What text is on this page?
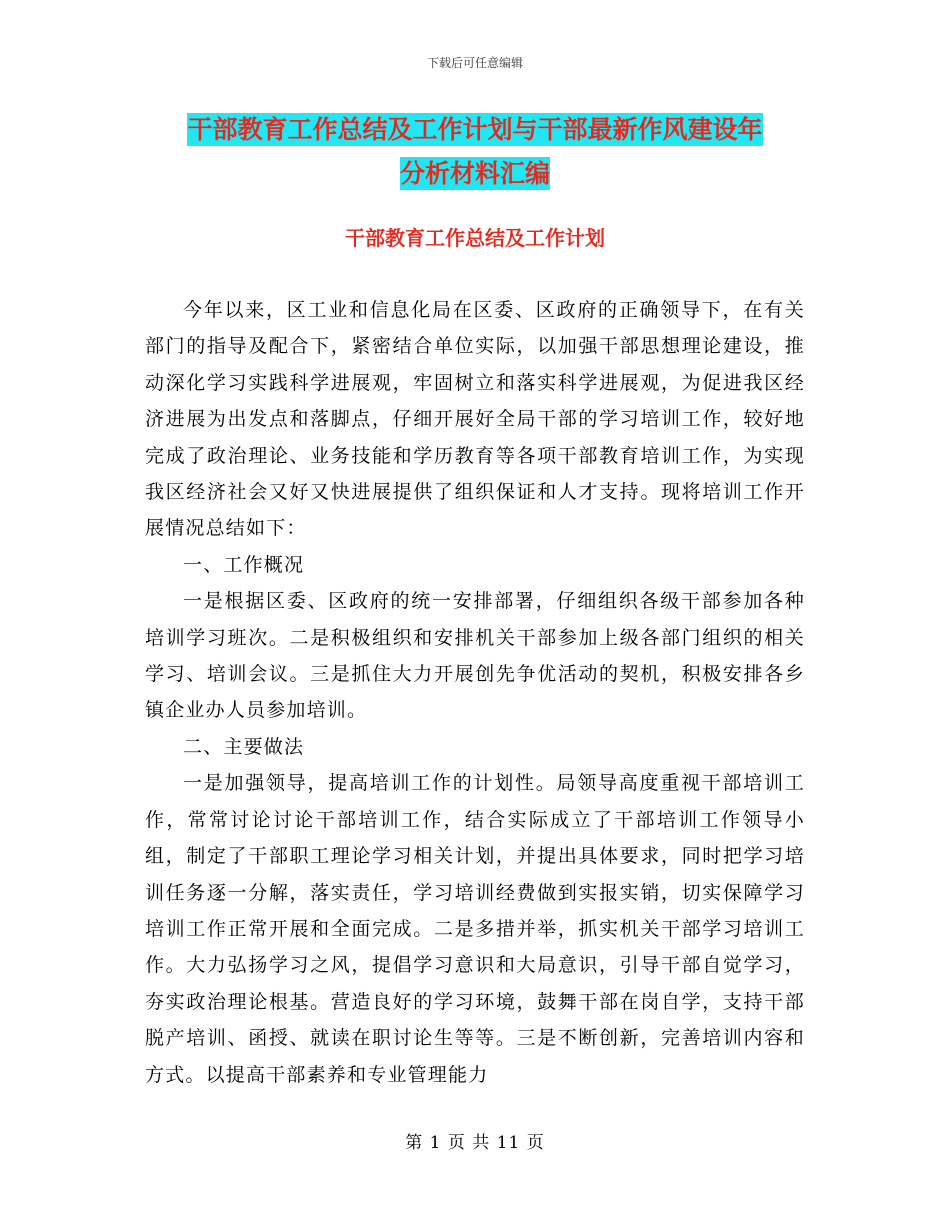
下载后可任意编辑
干部教育工作总结及工作计划与干部最新作风建设年
分析材料汇编
干部教育工作总结及工作计划

今年以来，区工业和信息化局在区委、区政府的正确领导下，在有关部门的指导及配合下，紧密结合单位实际，以加强干部思想理论建设，推动深化学习实践科学进展观，牢固树立和落实科学进展观，为促进我区经济进展为出发点和落脚点，仔细开展好全局干部的学习培训工作，较好地完成了政治理论、业务技能和学历教育等各项干部教育培训工作，为实现我区经济社会又好又快进展提供了组织保证和人才支持。现将培训工作开展情况总结如下：

一、工作概况

一是根据区委、区政府的统一安排部署，仔细组织各级干部参加各种培训学习班次。二是积极组织和安排机关干部参加上级各部门组织的相关学习、培训会议。三是抓住大力开展创先争优活动的契机，积极安排各乡镇企业办人员参加培训。

二、主要做法

一是加强领导，提高培训工作的计划性。局领导高度重视干部培训工作，常常讨论讨论干部培训工作，结合实际成立了干部培训工作领导小组，制定了干部职工理论学习相关计划，并提出具体要求，同时把学习培训任务逐一分解，落实责任，学习培训经费做到实报实销，切实保障学习培训工作正常开展和全面完成。二是多措并举，抓实机关干部学习培训工作。大力弘扬学习之风，提倡学习意识和大局意识，引导干部自觉学习，夯实政治理论根基。营造良好的学习环境，鼓舞干部在岗自学，支持干部脱产培训、函授、就读在职讨论生等等。三是不断创新，完善培训内容和方式。以提高干部素养和专业管理能力

第 1 页 共 11 页
